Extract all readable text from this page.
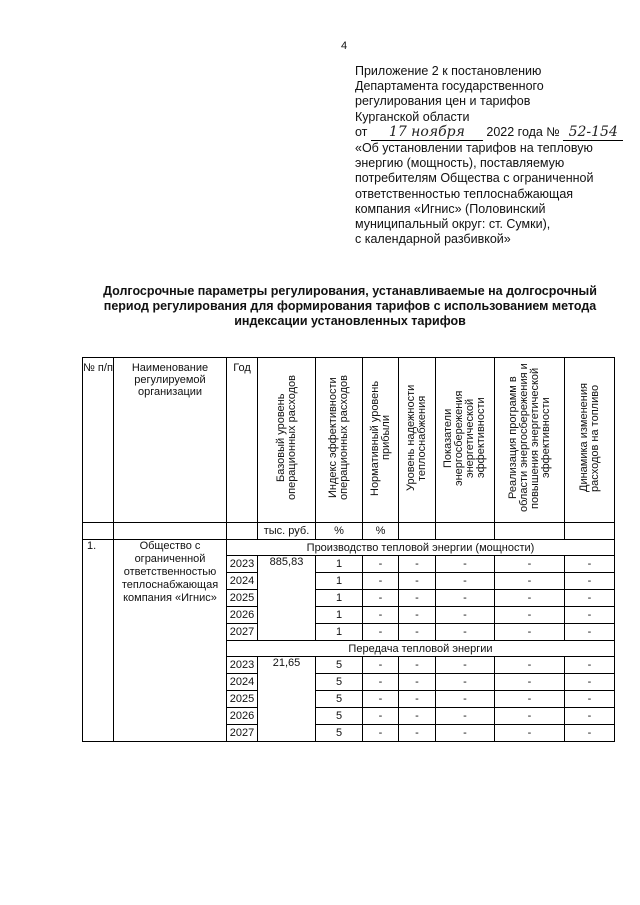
4
Приложение 2 к постановлению
Департамента государственного
регулирования цен и тарифов
Курганской области
от 17 ноября 2022 года № 52-154
«Об установлении тарифов на тепловую
энергию (мощность), поставляемую
потребителям Общества с ограниченной
ответственностью теплоснабжающая
компания «Игнис» (Половинский
муниципальный округ: ст. Сумки),
с календарной разбивкой»
Долгосрочные параметры регулирования, устанавливаемые на долгосрочный период регулирования для формирования тарифов с использованием метода индексации установленных тарифов
№ п/п	Наименование регулируемой организации	Год	Базовый уровень операционных расходов	Индекс эффективности операционных расходов	Нормативный уровень прибыли	Уровень надежности теплоснабжения	Показатели энергосбережения энергетической эффективности	Реализация программ в области энергосбережения и повышения энергетической эффективности	Динамика изменения расходов на топливо
			тыс. руб.	%	%				
1.	Общество с ограниченной ответственностью теплоснабжающая компания «Игнис»	Производство тепловой энергии (мощности)							
		2023	885,83	1	-	-	-	-	-
		2024		1	-	-	-	-	-
		2025		1	-	-	-	-	-
		2026		1	-	-	-	-	-
		2027		1	-	-	-	-	-
		Передача тепловой энергии							
		2023	21,65	5	-	-	-	-	-
		2024		5	-	-	-	-	-
		2025		5	-	-	-	-	-
		2026		5	-	-	-	-	-
		2027		5	-	-	-	-	-
